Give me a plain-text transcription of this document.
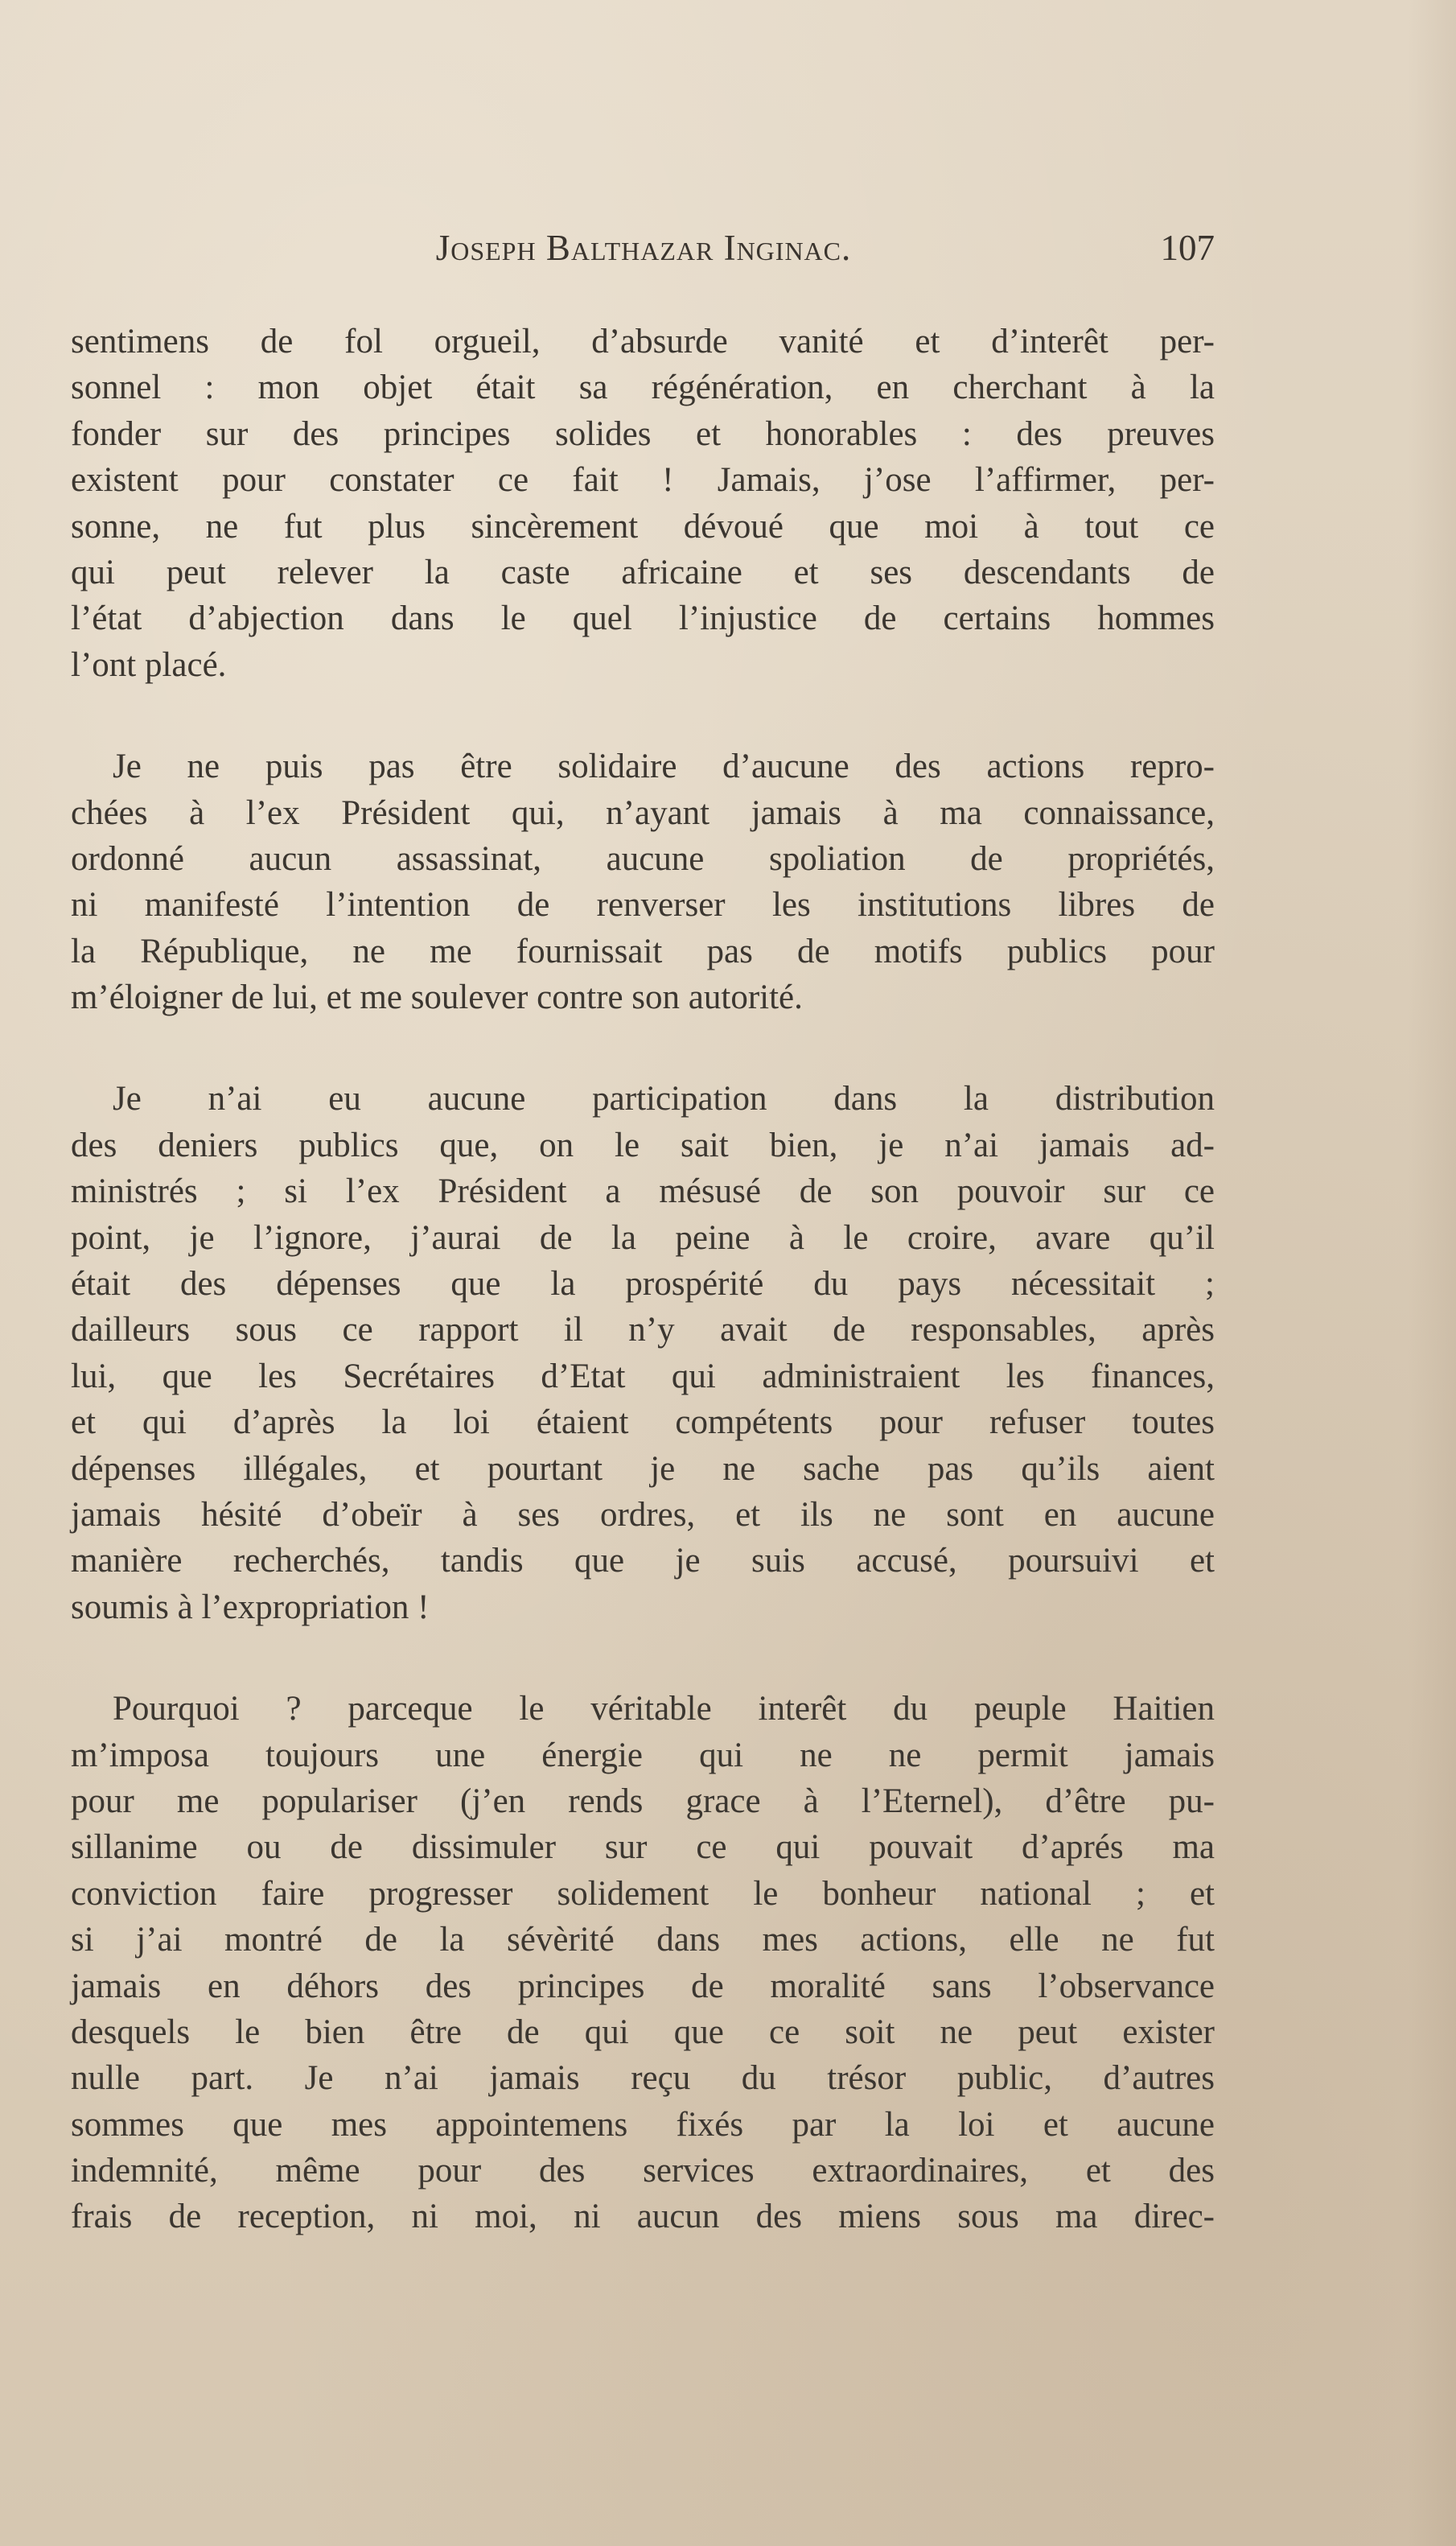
Joseph Balthazar Inginac.	107

sentimens de fol orgueil, d’absurde vanité et d’interêt per-
sonnel : mon objet était sa régénération, en cherchant à la
fonder sur des principes solides et honorables : des preuves
existent pour constater ce fait ! Jamais, j’ose l’affirmer, per-
sonne, ne fut plus sincèrement dévoué que moi à tout ce
qui peut relever la caste africaine et ses descendants de
l’état d’abjection dans le quel l’injustice de certains hommes
l’ont placé.

Je ne puis pas être solidaire d’aucune des actions repro-
chées à l’ex Président qui, n’ayant jamais à ma connaissance,
ordonné aucun assassinat, aucune spoliation de propriétés,
ni manifesté l’intention de renverser les institutions libres de
la République, ne me fournissait pas de motifs publics pour
m’éloigner de lui, et me soulever contre son autorité.

Je n’ai eu aucune participation dans la distribution
des deniers publics que, on le sait bien, je n’ai jamais ad-
ministrés ; si l’ex Président a mésusé de son pouvoir sur ce
point, je l’ignore, j’aurai de la peine à le croire, avare qu’il
était des dépenses que la prospérité du pays nécessitait ;
dailleurs sous ce rapport il n’y avait de responsables, après
lui, que les Secrétaires d’Etat qui administraient les finances,
et qui d’après la loi étaient compétents pour refuser toutes
dépenses illégales, et pourtant je ne sache pas qu’ils aient
jamais hésité d’obeïr à ses ordres, et ils ne sont en aucune
manière recherchés, tandis que je suis accusé, poursuivi et
soumis à l’expropriation !

Pourquoi ? parceque le véritable interêt du peuple Haitien
m’imposa toujours une énergie qui ne ne permit jamais
pour me populariser (j’en rends grace à l’Eternel), d’être pu-
sillanime ou de dissimuler sur ce qui pouvait d’aprés ma
conviction faire progresser solidement le bonheur national ; et
si j’ai montré de la sévèrité dans mes actions, elle ne fut
jamais en déhors des principes de moralité sans l’observance
desquels le bien être de qui que ce soit ne peut exister
nulle part. Je n’ai jamais reçu du trésor public, d’autres
sommes que mes appointemens fixés par la loi et aucune
indemnité, même pour des services extraordinaires, et des
frais de reception, ni moi, ni aucun des miens sous ma direc-
